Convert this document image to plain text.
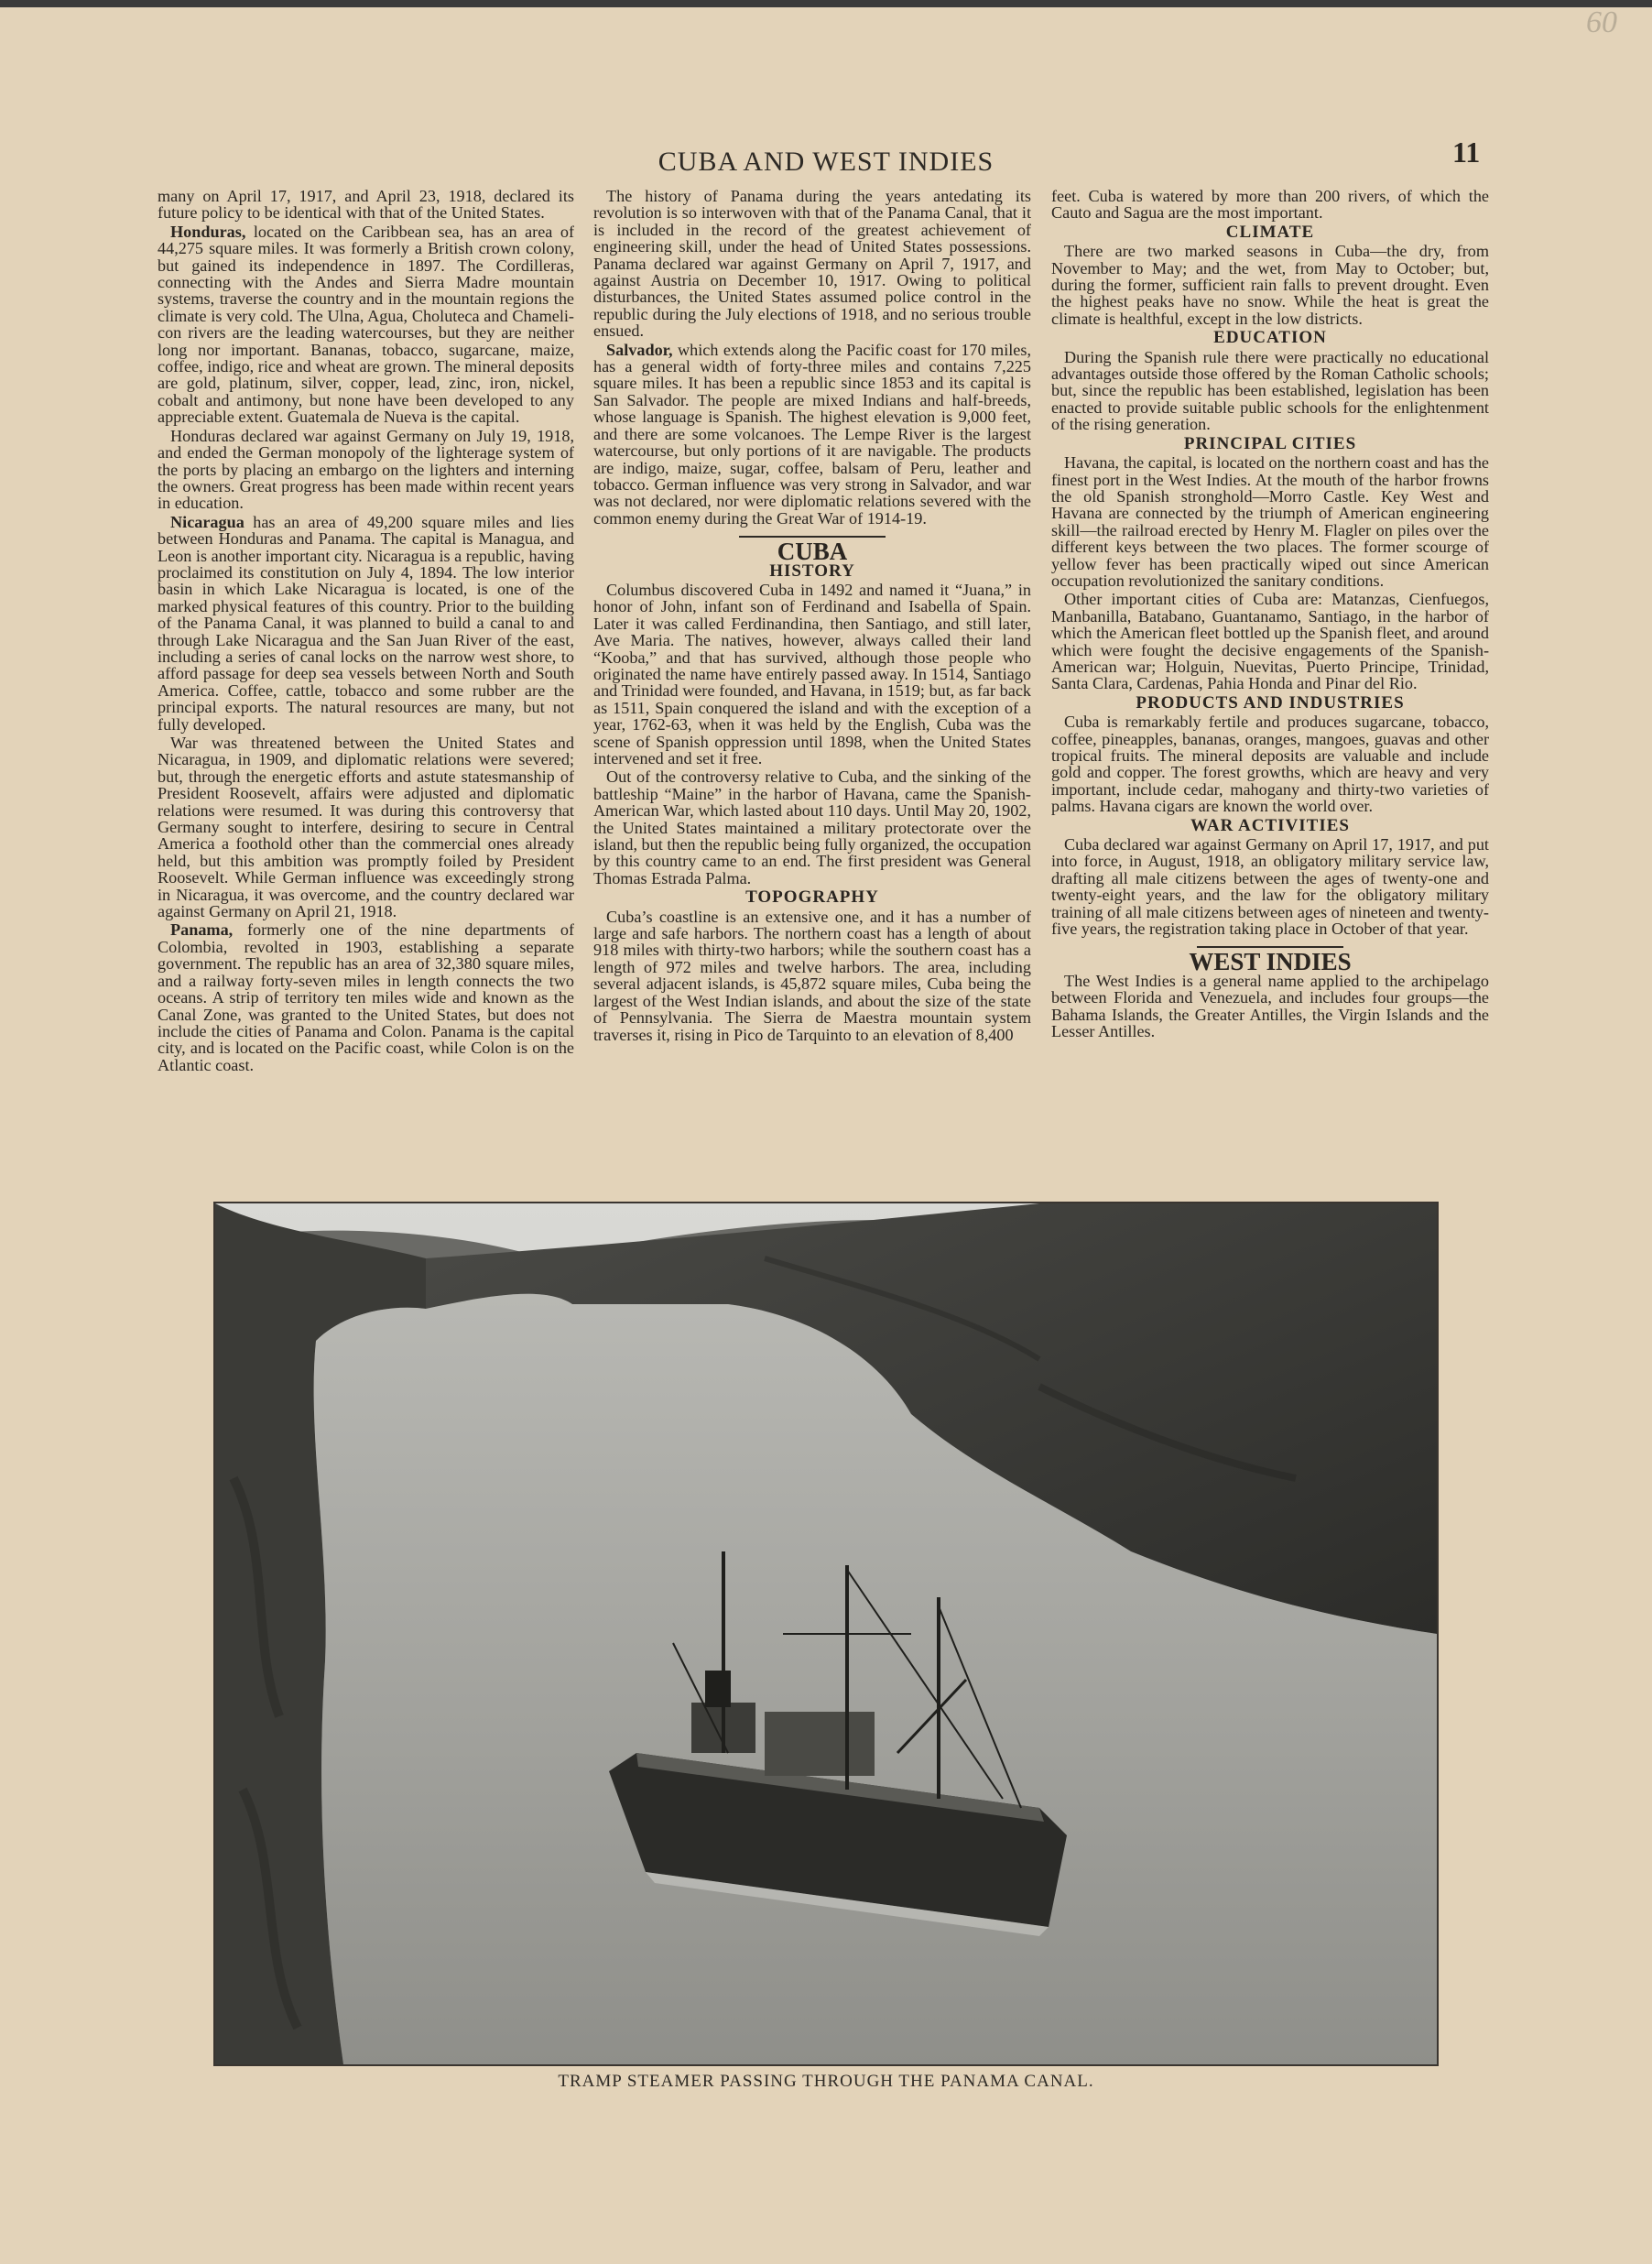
60
CUBA AND WEST INDIES	11

many on April 17, 1917, and April 23, 1918, declared its future policy to be identical with that of the United States.

Honduras, located on the Caribbean sea, has an area of 44,275 square miles. It was formerly a British crown colony, but gained its independence in 1897. The Cordilleras, connecting with the Andes and Sierra Madre mountain systems, traverse the country and in the mountain regions the climate is very cold. The Ulna, Agua, Choluteca and Chameli-con rivers are the leading watercourses, but they are neither long nor important. Bananas, tobacco, sugarcane, maize, coffee, indigo, rice and wheat are grown. The mineral deposits are gold, platinum, silver, copper, lead, zinc, iron, nickel, cobalt and antimony, but none have been developed to any appreciable extent. Guatemala de Nueva is the capital.

Honduras declared war against Germany on July 19, 1918, and ended the German monopoly of the lighterage system of the ports by placing an embargo on the lighters and interning the owners. Great progress has been made within recent years in education.

Nicaragua has an area of 49,200 square miles and lies between Honduras and Panama. The capital is Managua, and Leon is another important city. Nicaragua is a republic, having proclaimed its constitution on July 4, 1894. The low interior basin in which Lake Nicaragua is located, is one of the marked physical features of this country. Prior to the building of the Panama Canal, it was planned to build a canal to and through Lake Nicaragua and the San Juan River of the east, including a series of canal locks on the narrow west shore, to afford passage for deep sea vessels between North and South America. Coffee, cattle, tobacco and some rubber are the principal exports. The natural resources are many, but not fully developed.

War was threatened between the United States and Nicaragua, in 1909, and diplomatic relations were severed; but, through the energetic efforts and astute statesmanship of President Roosevelt, affairs were adjusted and diplomatic relations were resumed. It was during this controversy that Germany sought to interfere, desiring to secure in Central America a foothold other than the commercial ones already held, but this ambition was promptly foiled by President Roosevelt. While German influence was exceedingly strong in Nicaragua, it was overcome, and the country declared war against Germany on April 21, 1918.

Panama, formerly one of the nine departments of Colombia, revolted in 1903, establishing a separate government. The republic has an area of 32,380 square miles, and a railway forty-seven miles in length connects the two oceans. A strip of territory ten miles wide and known as the Canal Zone, was granted to the United States, but does not include the cities of Panama and Colon. Panama is the capital city, and is located on the Pacific coast, while Colon is on the Atlantic coast.

The history of Panama during the years antedating its revolution is so interwoven with that of the Panama Canal, that it is included in the record of the greatest achievement of engineering skill, under the head of United States possessions. Panama declared war against Germany on April 7, 1917, and against Austria on December 10, 1917. Owing to political disturbances, the United States assumed police control in the republic during the July elections of 1918, and no serious trouble ensued.

Salvador, which extends along the Pacific coast for 170 miles, has a general width of forty-three miles and contains 7,225 square miles. It has been a republic since 1853 and its capital is San Salvador. The people are mixed Indians and half-breeds, whose language is Spanish. The highest elevation is 9,000 feet, and there are some volcanoes. The Lempe River is the largest watercourse, but only portions of it are navigable. The products are indigo, maize, sugar, coffee, balsam of Peru, leather and tobacco. German influence was very strong in Salvador, and war was not declared, nor were diplomatic relations severed with the common enemy during the Great War of 1914-19.

CUBA
HISTORY

Columbus discovered Cuba in 1492 and named it “Juana,” in honor of John, infant son of Ferdinand and Isabella of Spain. Later it was called Ferdinandina, then Santiago, and still later, Ave Maria. The natives, however, always called their land “Kooba,” and that has survived, although those people who originated the name have entirely passed away. In 1514, Santiago and Trinidad were founded, and Havana, in 1519; but, as far back as 1511, Spain conquered the island and with the exception of a year, 1762-63, when it was held by the English, Cuba was the scene of Spanish oppression until 1898, when the United States intervened and set it free.

Out of the controversy relative to Cuba, and the sinking of the battleship “Maine” in the harbor of Havana, came the Spanish-American War, which lasted about 110 days. Until May 20, 1902, the United States maintained a military protectorate over the island, but then the republic being fully organized, the occupation by this country came to an end. The first president was General Thomas Estrada Palma.

TOPOGRAPHY

Cuba’s coastline is an extensive one, and it has a number of large and safe harbors. The northern coast has a length of about 918 miles with thirty-two harbors; while the southern coast has a length of 972 miles and twelve harbors. The area, including several adjacent islands, is 45,872 square miles, Cuba being the largest of the West Indian islands, and about the size of the state of Pennsylvania. The Sierra de Maestra mountain system traverses it, rising in Pico de Tarquinto to an elevation of 8,400

feet. Cuba is watered by more than 200 rivers, of which the Cauto and Sagua are the most important.

CLIMATE

There are two marked seasons in Cuba—the dry, from November to May; and the wet, from May to October; but, during the former, sufficient rain falls to prevent drought. Even the highest peaks have no snow. While the heat is great the climate is healthful, except in the low districts.

EDUCATION

During the Spanish rule there were practically no educational advantages outside those offered by the Roman Catholic schools; but, since the republic has been established, legislation has been enacted to provide suitable public schools for the enlightenment of the rising generation.

PRINCIPAL CITIES

Havana, the capital, is located on the northern coast and has the finest port in the West Indies. At the mouth of the harbor frowns the old Spanish stronghold—Morro Castle. Key West and Havana are connected by the triumph of American engineering skill—the railroad erected by Henry M. Flagler on piles over the different keys between the two places. The former scourge of yellow fever has been practically wiped out since American occupation revolutionized the sanitary conditions.

Other important cities of Cuba are: Matanzas, Cienfuegos, Manbanilla, Batabano, Guantanamo, Santiago, in the harbor of which the American fleet bottled up the Spanish fleet, and around which were fought the decisive engagements of the Spanish-American war; Holguin, Nuevitas, Puerto Principe, Trinidad, Santa Clara, Cardenas, Pahia Honda and Pinar del Rio.

PRODUCTS AND INDUSTRIES

Cuba is remarkably fertile and produces sugarcane, tobacco, coffee, pineapples, bananas, oranges, mangoes, guavas and other tropical fruits. The mineral deposits are valuable and include gold and copper. The forest growths, which are heavy and very important, include cedar, mahogany and thirty-two varieties of palms. Havana cigars are known the world over.

WAR ACTIVITIES

Cuba declared war against Germany on April 17, 1917, and put into force, in August, 1918, an obligatory military service law, drafting all male citizens between the ages of twenty-one and twenty-eight years, and the law for the obligatory military training of all male citizens between ages of nineteen and twenty-five years, the registration taking place in October of that year.

WEST INDIES

The West Indies is a general name applied to the archipelago between Florida and Venezuela, and includes four groups—the Bahama Islands, the Greater Antilles, the Virgin Islands and the Lesser Antilles.

TRAMP STEAMER PASSING THROUGH THE PANAMA CANAL.
